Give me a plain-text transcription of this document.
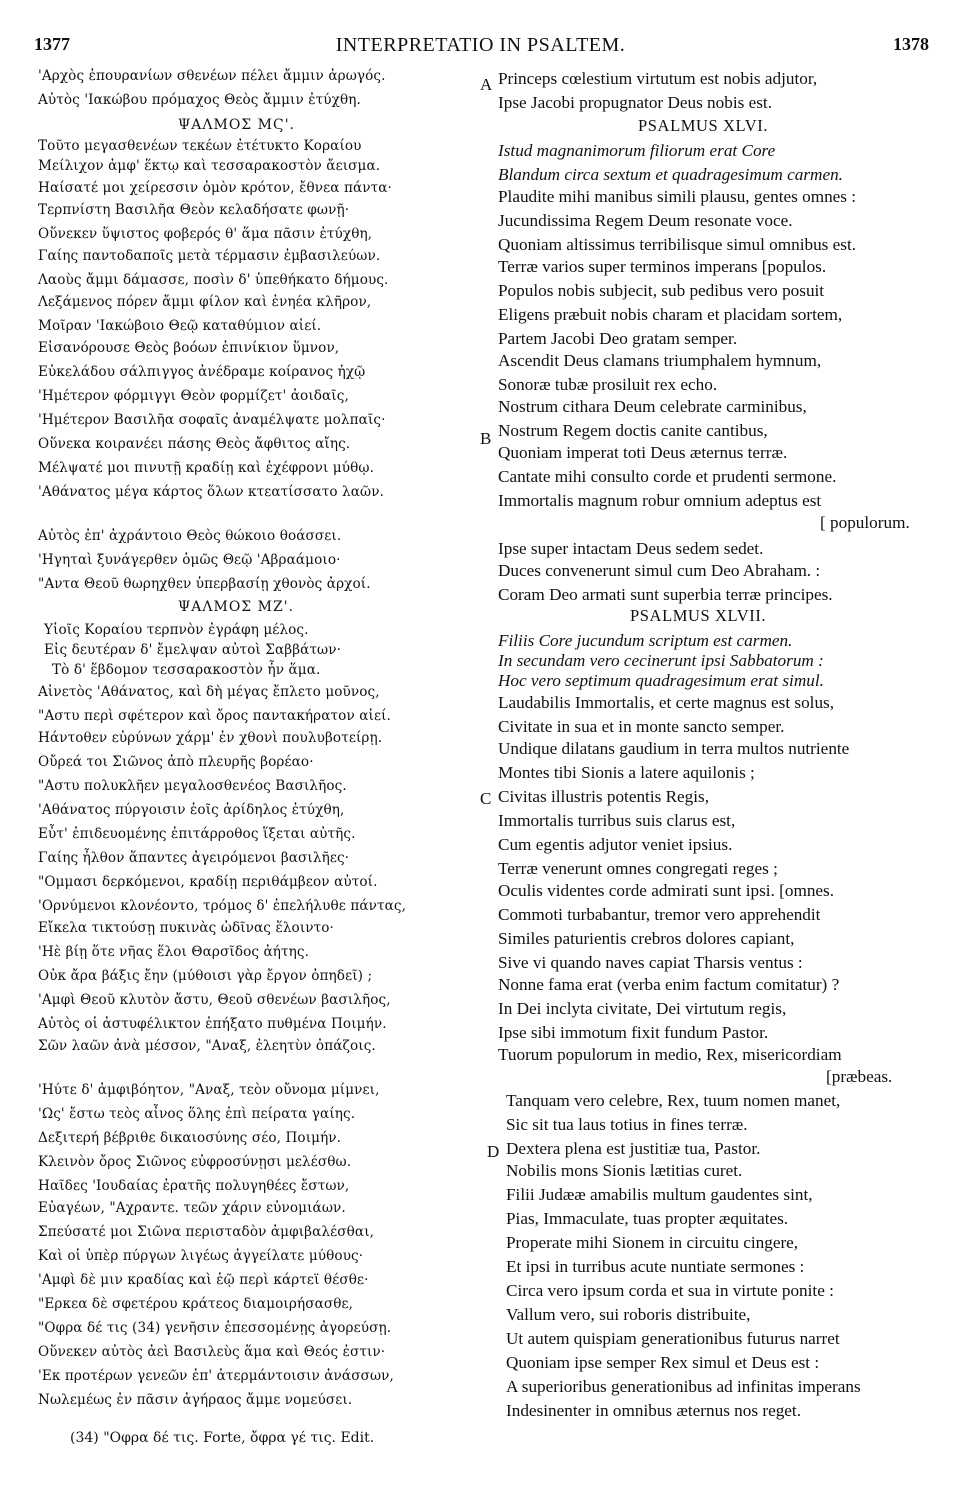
1377	INTERPRETATIO IN PSALTEM.	1378
'Αρχὸς ἐπουρανίων σθενέων πέλει ἄμμιν ἀρωγός.
Αὐτὸς 'Ιακώβου πρόμαχος Θεὸς ἄμμιν ἐτύχθη.
ΨΑΛΜΟΣ ΜϚ'.
Τοῦτο μεγασθενέων τεκέων ἐτέτυκτο Κοραίου
Μείλιχον ἀμφ' ἕκτῳ καὶ τεσσαρακοστὸν ἄεισμα.
Ηαίσατέ μοι χείρεσσιν ὁμὸν κρότον, ἔθνεα πάντα·
Τερπνίστη Βασιλῆα Θεὸν κελαδήσατε φωνῇ·
Οὕνεκεν ὕψιστος φοβερός θ' ἅμα πᾶσιν ἐτύχθη,
Γαίης παντοδαποῖς μετὰ τέρμασιν ἐμβασιλεύων.
Λαοὺς ἄμμι δάμασσε, ποσὶν δ' ὑπεθήκατο δήμους.
Λεξάμενος πόρεν ἄμμι φίλον καὶ ἐνηέα κλῆρον,
Μοῖραν 'Ιακώβοιο Θεῷ καταθύμιον αἰεί.
Εἰσανόρουσε Θεὸς βοόων ἐπινίκιον ὕμνον,
Εὐκελάδου σάλπιγγος ἀνέδραμε κοίρανος ἠχῷ
'Ημέτερον φόρμιγγι Θεὸν φορμίζετ' ἀοιδαῖς,
'Ημέτερον Βασιλῆα σοφαῖς ἀναμέλψατε μολπαῖς·
Οὕνεκα κοιρανέει πάσης Θεὸς ἄφθιτος αἴης.
Μέλψατέ μοι πινυτῇ κραδίῃ καὶ ἐχέφρονι μύθῳ.
'Αθάνατος μέγα κάρτος ὅλων κτεατίσσατο λαῶν.
Αὐτὸς ἐπ' ἀχράντοιο Θεὸς θώκοιο θοάσσει.
'Ηγηταὶ ξυνάγερθεν ὁμῶς Θεῷ 'Αβραάμοιο·
"Αντα Θεοῦ θωρηχθεν ὑπερβασίῃ χθονὸς ἀρχοί.
ΨΑΛΜΟΣ ΜΖ'.
Υἱοῖς Κοραίου τερπνὸν ἐγράφη μέλος.
Εἰς δευτέραν δ' ἔμελψαν αὐτοὶ Σαββάτων·
Τὸ δ' ἕβδομον τεσσαρακοστὸν ἦν ἅμα.
Αἰνετὸς 'Αθάνατος, καὶ δὴ μέγας ἔπλετο μοῦνος,
"Αστυ περὶ σφέτερον καὶ ὄρος παντακήρατον αἰεί.
Ηάντοθεν εὐρύνων χάρμ' ἐν χθονὶ πουλυβοτείρῃ.
Οὔρεά τοι Σιῶνος ἀπὸ πλευρῆς βορέαο·
"Αστυ πολυκλῆεν μεγαλοσθενέος Βασιλῆος.
'Αθάνατος πύργοισιν ἑοῖς ἀρίδηλος ἐτύχθη,
Εὖτ' ἐπιδευομένης ἐπιτάρροθος ἵξεται αὐτῆς.
Γαίης ἦλθον ἅπαντες ἀγειρόμενοι βασιλῆες·
"Ομμασι δερκόμενοι, κραδίῃ περιθάμβεον αὐτοί.
'Ορνύμενοι κλονέοντο, τρόμος δ' ἐπελήλυθε πάντας,
Εἴκελα τικτούσῃ πυκινὰς ὠδῖνας ἕλοιντο·
'Ηὲ βίῃ ὅτε νῆας ἕλοι Θαρσῖδος ἀήτης.
Οὐκ ἄρα βάξις ἔην (μύθοισι γὰρ ἔργον ὀπηδεῖ) ;
'Αμφὶ Θεοῦ κλυτὸν ἄστυ, Θεοῦ σθενέων βασιλῆος,
Αὐτὸς οἱ ἀστυφέλικτον ἐπήξατο πυθμένα Ποιμήν.
Σῶν λαῶν ἀνὰ μέσσον, "Αναξ, ἐλεητὺν ὀπάζοις.
'Ηύτε δ' ἀμφιβόητον, "Αναξ, τεὸν οὔνομα μίμνει,
'Ως' ἔστω τεὸς αἶνος ὅλης ἐπὶ πείρατα γαίης.
Δεξιτερή βέβριθε δικαιοσύνης σέο, Ποιμήν.
Κλεινὸν ὄρος Σιῶνος εὐφροσύνῃσι μελέσθω.
Ηαῖδες 'Ιουδαίας ἐρατῆς πολυγηθέες ἔστων,
Εὐαγέων, "Αχραντε. τεῶν χάριν εὐνομιάων.
Σπεύσατέ μοι Σιῶνα περισταδὸν ἀμφιβαλέσθαι,
Καὶ οἱ ὑπὲρ πύργων λιγέως ἀγγείλατε μύθους·
'Αμφὶ δὲ μιν κραδίας καὶ ἑῷ περὶ κάρτεϊ θέσθε·
"Ερκεα δὲ σφετέρου κράτεος διαμοιρήσασθε,
"Οφρα δέ τις (34) γενῆσιν ἐπεσσομένῃς ἀγορεύσῃ.
Οὕνεκεν αὐτὸς ἀεὶ Βασιλεὺς ἅμα καὶ Θεός ἐστιν·
'Εκ προτέρων γενεῶν ἐπ' ἀτερμάντοισιν ἀνάσσων,
Νωλεμέως ἐν πᾶσιν ἀγήραος ἄμμε νομεύσει.
Princeps cœlestium virtutum est nobis adjutor,
Ipse Jacobi propugnator Deus nobis est.
PSALMUS XLVI.
Istud magnanimorum filiorum erat Core
Blandum circa sextum et quadragesimum carmen.
Plaudite mihi manibus simili plausu, gentes omnes :
Jucundissima Regem Deum resonate voce.
Quoniam altissimus terribilisque simul omnibus est.
Terræ varios super terminos imperans [populos.
Populos nobis subjecit, sub pedibus vero posuit
Eligens præbuit nobis charam et placidam sortem,
Partem Jacobi Deo gratam semper.
Ascendit Deus clamans triumphalem hymnum,
Sonoræ tubæ prosiluit rex echo.
Nostrum cithara Deum celebrate carminibus,
Nostrum Regem doctis canite cantibus,
Quoniam imperat toti Deus æternus terræ.
Cantate mihi consulto corde et prudenti sermone.
Immortalis magnum robur omnium adeptus est
[ populorum.
Ipse super intactam Deus sedem sedet.
Duces convenerunt simul cum Deo Abraham. :
Coram Deo armati sunt superbia terræ principes.
PSALMUS XLVII.
Filiis Core jucundum scriptum est carmen.
In secundam vero cecinerunt ipsi Sabbatorum :
Hoc vero septimum quadragesimum erat simul.
Laudabilis Immortalis, et certe magnus est solus,
Civitate in sua et in monte sancto semper.
Undique dilatans gaudium in terra multos nutriente
Montes tibi Sionis a latere aquilonis ;
Civitas illustris potentis Regis,
Immortalis turribus suis clarus est,
Cum egentis adjutor veniet ipsius.
Terræ venerunt omnes congregati reges ;
Oculis videntes corde admirati sunt ipsi. [omnes.
Commoti turbabantur, tremor vero apprehendit
Similes paturientis crebros dolores capiant,
Sive vi quando naves capiat Tharsis ventus :
Nonne fama erat (verba enim factum comitatur) ?
In Dei inclyta civitate, Dei virtutum regis,
Ipse sibi immotum fixit fundum Pastor.
Tuorum populorum in medio, Rex, misericordiam
[præbeas.
Tanquam vero celebre, Rex, tuum nomen manet,
Sic sit tua laus totius in fines terræ.
Dextera plena est justitiæ tua, Pastor.
Nobilis mons Sionis lætitias curet.
Filii Judææ amabilis multum gaudentes sint,
Pias, Immaculate, tuas propter æquitates.
Properate mihi Sionem in circuitu cingere,
Et ipsi in turribus acute nuntiate sermones :
Circa vero ipsum corda et sua in virtute ponite :
Vallum vero, sui roboris distribuite,
Ut autem quispiam generationibus futurus narret
Quoniam ipse semper Rex simul et Deus est :
A superioribus generationibus ad infinitas imperans
Indesinenter in omnibus æternus nos reget.
A
B
C
D
(34) "Οφρα δέ τις. Forte, ὄφρα γέ τις. Edit.
